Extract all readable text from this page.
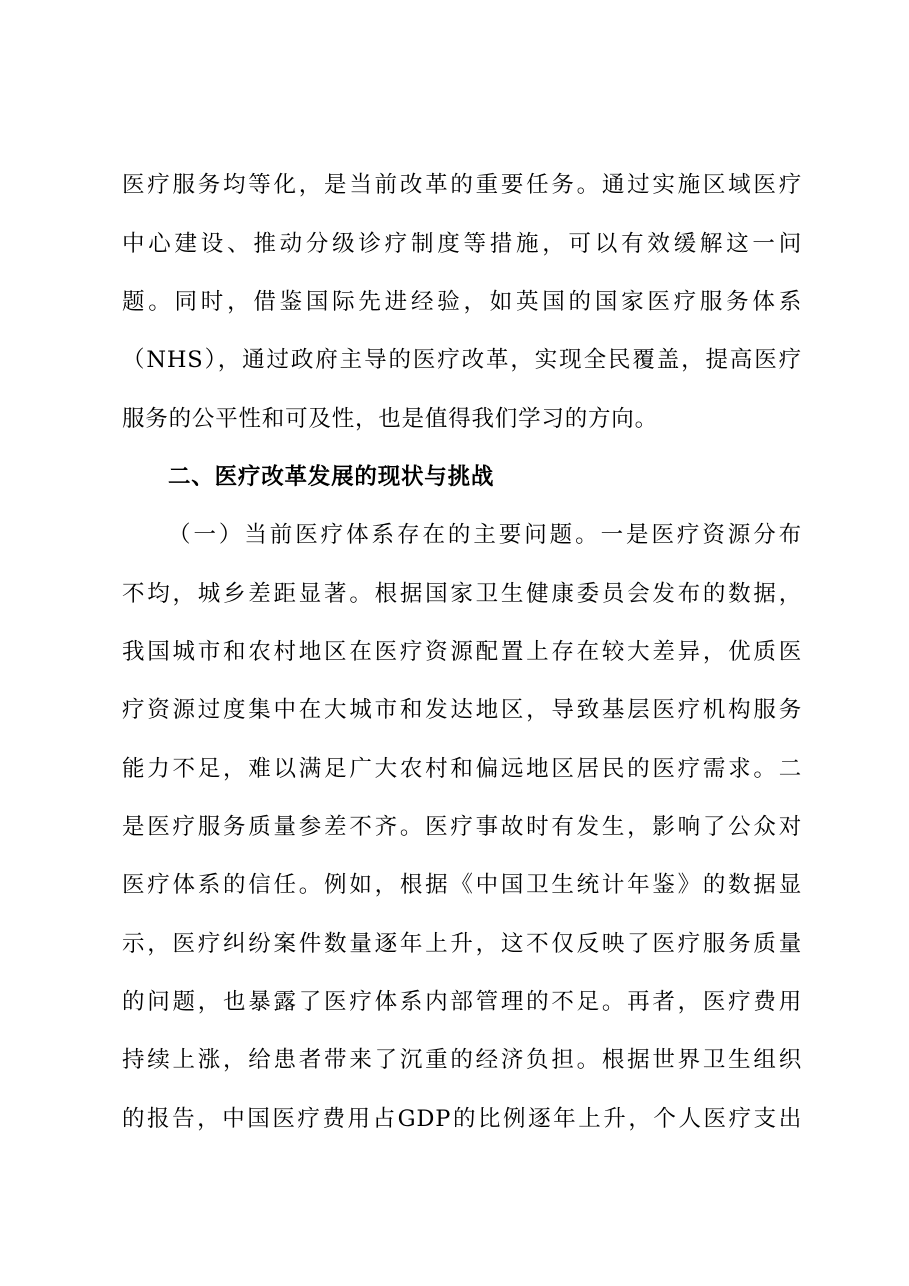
医疗服务均等化，是当前改革的重要任务。通过实施区域医疗
中心建设、推动分级诊疗制度等措施，可以有效缓解这一问
题。同时，借鉴国际先进经验，如英国的国家医疗服务体系
（NHS），通过政府主导的医疗改革，实现全民覆盖，提高医疗
服务的公平性和可及性，也是值得我们学习的方向。
二、医疗改革发展的现状与挑战
（一）当前医疗体系存在的主要问题。一是医疗资源分布
不均，城乡差距显著。根据国家卫生健康委员会发布的数据，
我国城市和农村地区在医疗资源配置上存在较大差异，优质医
疗资源过度集中在大城市和发达地区，导致基层医疗机构服务
能力不足，难以满足广大农村和偏远地区居民的医疗需求。二
是医疗服务质量参差不齐。医疗事故时有发生，影响了公众对
医疗体系的信任。例如，根据《中国卫生统计年鉴》的数据显
示，医疗纠纷案件数量逐年上升，这不仅反映了医疗服务质量
的问题，也暴露了医疗体系内部管理的不足。再者，医疗费用
持续上涨，给患者带来了沉重的经济负担。根据世界卫生组织
的报告，中国医疗费用占GDP的比例逐年上升，个人医疗支出
